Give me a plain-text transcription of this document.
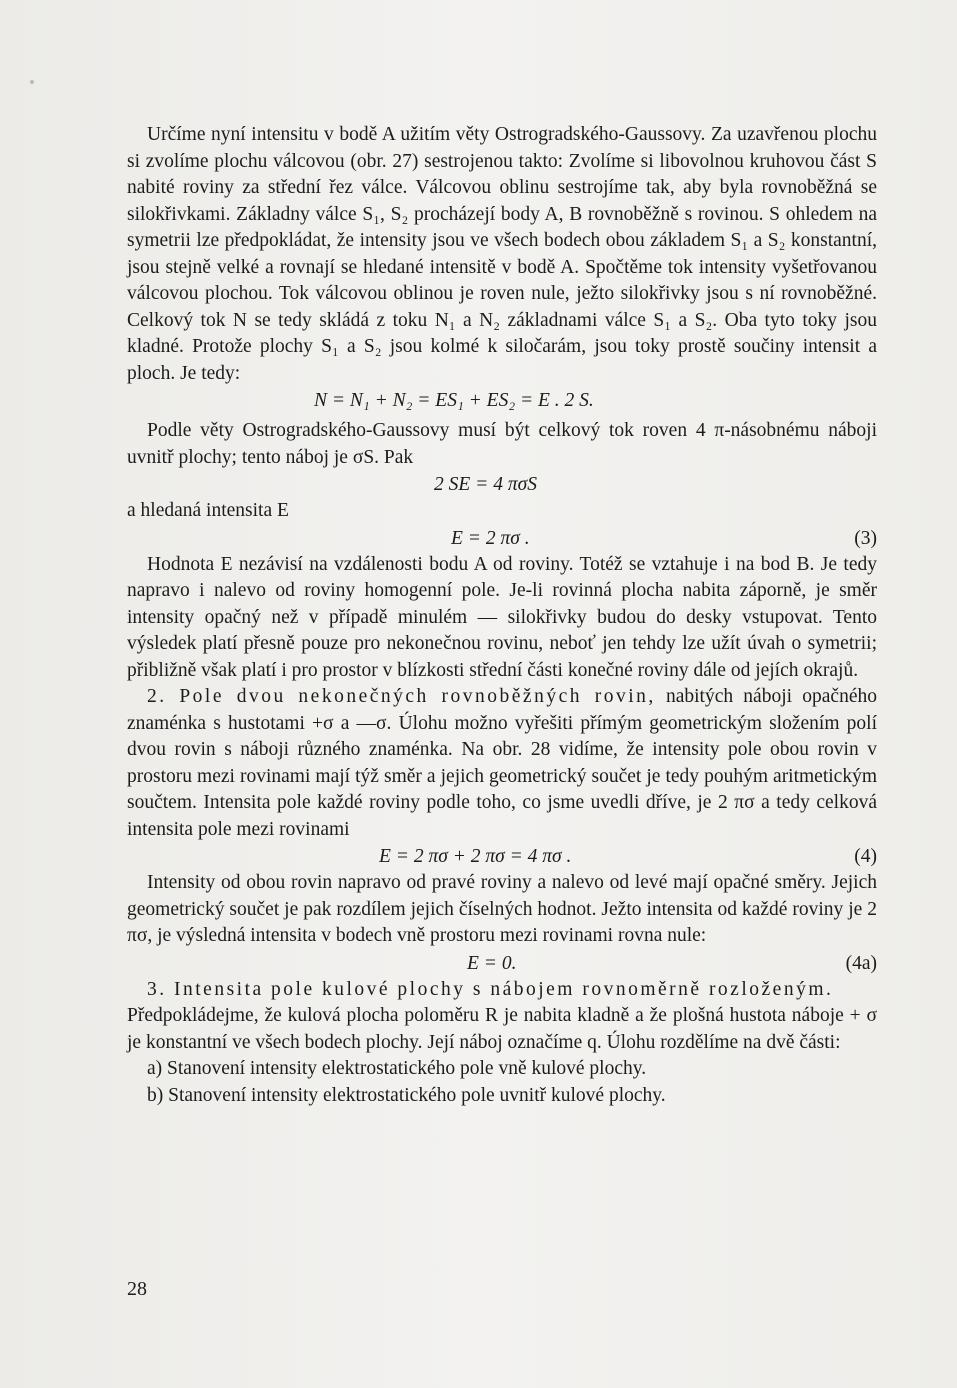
Určíme nyní intensitu v bodě A užitím věty Ostrogradského-Gaussovy. Za uzavřenou plochu si zvolíme plochu válcovou (obr. 27) sestrojenou takto: Zvolíme si libovolnou kruhovou část S nabité roviny za střední řez válce. Válcovou oblinu sestrojíme tak, aby byla rovnoběžná se silokřivkami. Základny válce S₁, S₂ procházejí body A, B rovnoběžně s rovinou. S ohledem na symetrii lze předpokládat, že intensity jsou ve všech bodech obou základem S₁ a S₂ konstantní, jsou stejně velké a rovnají se hledané intensitě v bodě A. Spočtěme tok intensity vyšetřovanou válcovou plochou. Tok válcovou oblinou je roven nule, ježto silokřivky jsou s ní rovnoběžné. Celkový tok N se tedy skládá z toku N₁ a N₂ základnami válce S₁ a S₂. Oba tyto toky jsou kladné. Protože plochy S₁ a S₂ jsou kolmé k siločarám, jsou toky prostě součiny intensit a ploch. Je tedy:

N = N₁ + N₂ = ES₁ + ES₂ = E . 2 S.

Podle věty Ostrogradského-Gaussovy musí být celkový tok roven 4 π-násobnému náboji uvnitř plochy; tento náboj je σS. Pak

2 SE = 4 πσS

a hledaná intensita E

E = 2 πσ .	(3)

Hodnota E nezávisí na vzdálenosti bodu A od roviny. Totéž se vztahuje i na bod B. Je tedy napravo i nalevo od roviny homogenní pole. Je-li rovinná plocha nabita záporně, je směr intensity opačný než v případě minulém — silokřivky budou do desky vstupovat. Tento výsledek platí přesně pouze pro nekonečnou rovinu, neboť jen tehdy lze užít úvah o symetrii; přibližně však platí i pro prostor v blízkosti střední části konečné roviny dále od jejích okrajů.

2. Pole dvou nekonečných rovnoběžných rovin, nabitých náboji opačného znaménka s hustotami +σ a —σ. Úlohu možno vyřešiti přímým geometrickým složením polí dvou rovin s náboji různého znaménka. Na obr. 28 vidíme, že intensity pole obou rovin v prostoru mezi rovinami mají týž směr a jejich geometrický součet je tedy pouhým aritmetickým součtem. Intensita pole každé roviny podle toho, co jsme uvedli dříve, je 2 πσ a tedy celková intensita pole mezi rovinami

E = 2 πσ + 2 πσ = 4 πσ .	(4)

Intensity od obou rovin napravo od pravé roviny a nalevo od levé mají opačné směry. Jejich geometrický součet je pak rozdílem jejich číselných hodnot. Ježto intensita od každé roviny je 2 πσ, je výsledná intensita v bodech vně prostoru mezi rovinami rovna nule:

E = 0.	(4a)

3. Intensita pole kulové plochy s nábojem rovnoměrně rozloženým.

Předpokládejme, že kulová plocha poloměru R je nabita kladně a že plošná hustota náboje + σ je konstantní ve všech bodech plochy. Její náboj označíme q. Úlohu rozdělíme na dvě části:

a) Stanovení intensity elektrostatického pole vně kulové plochy.

b) Stanovení intensity elektrostatického pole uvnitř kulové plochy.

28
